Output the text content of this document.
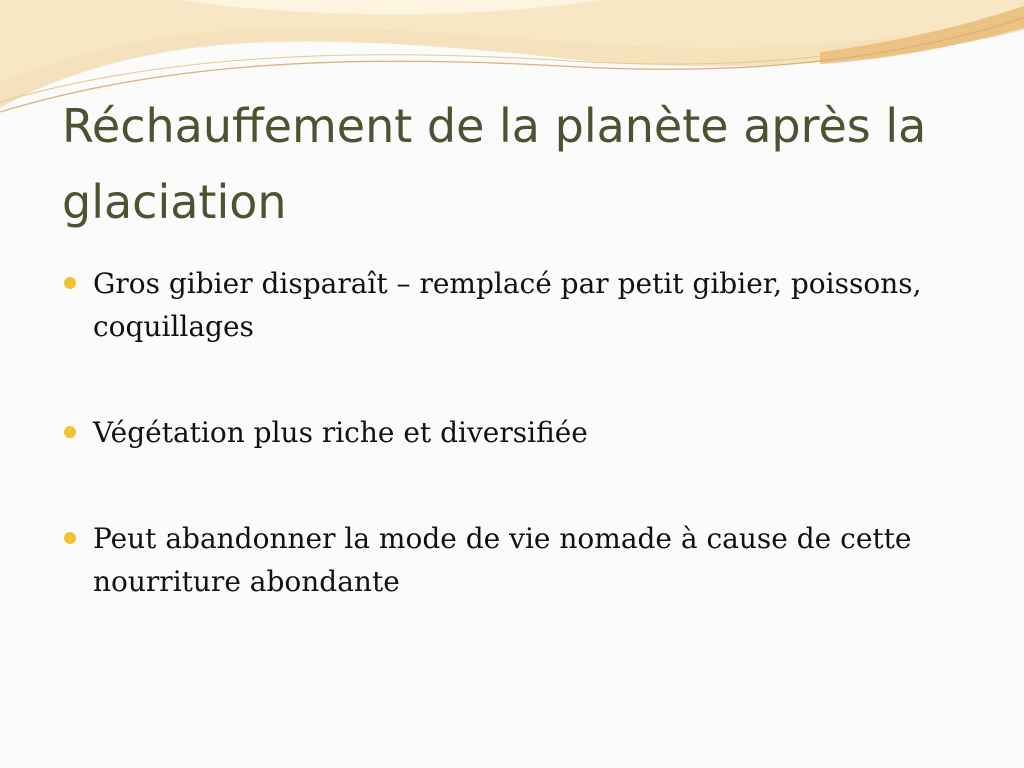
Réchauffement de la planète après la glaciation
Gros gibier disparaît – remplacé par petit gibier, poissons, coquillages
Végétation plus riche et diversifiée
Peut abandonner la mode de vie nomade à cause de cette nourriture abondante
